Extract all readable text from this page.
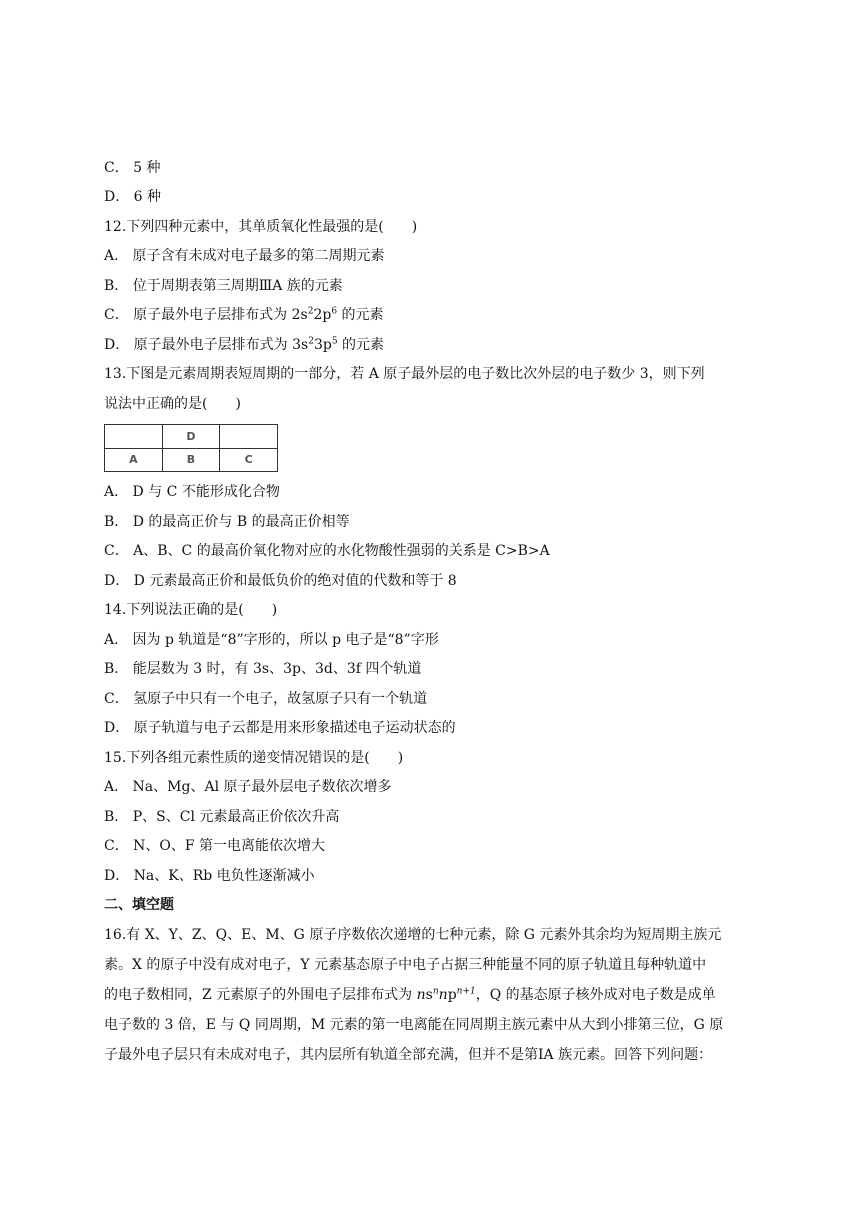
C． 5 种
D． 6 种
12.下列四种元素中，其单质氧化性最强的是(　　)
A． 原子含有未成对电子最多的第二周期元素
B． 位于周期表第三周期ⅢA 族的元素
C． 原子最外电子层排布式为 $2s^22p^6$ 的元素
D． 原子最外电子层排布式为 $3s^23p^5$ 的元素
13.下图是元素周期表短周期的一部分，若 A 原子最外层的电子数比次外层的电子数少 3，则下列
说法中正确的是(　　)
	D	
A	B	C
A． D 与 C 不能形成化合物
B． D 的最高正价与 B 的最高正价相等
C． A、B、C 的最高价氧化物对应的水化物酸性强弱的关系是 C>B>A
D． D 元素最高正价和最低负价的绝对值的代数和等于 8
14.下列说法正确的是(　　)
A． 因为 p 轨道是“8”字形的，所以 p 电子是“8”字形
B． 能层数为 3 时，有 3s、3p、3d、3f 四个轨道
C． 氢原子中只有一个电子，故氢原子只有一个轨道
D． 原子轨道与电子云都是用来形象描述电子运动状态的
15.下列各组元素性质的递变情况错误的是(　　)
A． Na、Mg、Al 原子最外层电子数依次增多
B． P、S、Cl 元素最高正价依次升高
C． N、O、F 第一电离能依次增大
D． Na、K、Rb 电负性逐渐减小
二、填空题
16.有 X、Y、Z、Q、E、M、G 原子序数依次递增的七种元素，除 G 元素外其余均为短周期主族元
素。X 的原子中没有成对电子，Y 元素基态原子中电子占据三种能量不同的原子轨道且每种轨道中
的电子数相同，Z 元素原子的外围电子层排布式为 $ns^nnp^{n+1}$，Q 的基态原子核外成对电子数是成单
电子数的 3 倍，E 与 Q 同周期，M 元素的第一电离能在同周期主族元素中从大到小排第三位，G 原
子最外电子层只有未成对电子，其内层所有轨道全部充满，但并不是第ⅠA 族元素。回答下列问题：
